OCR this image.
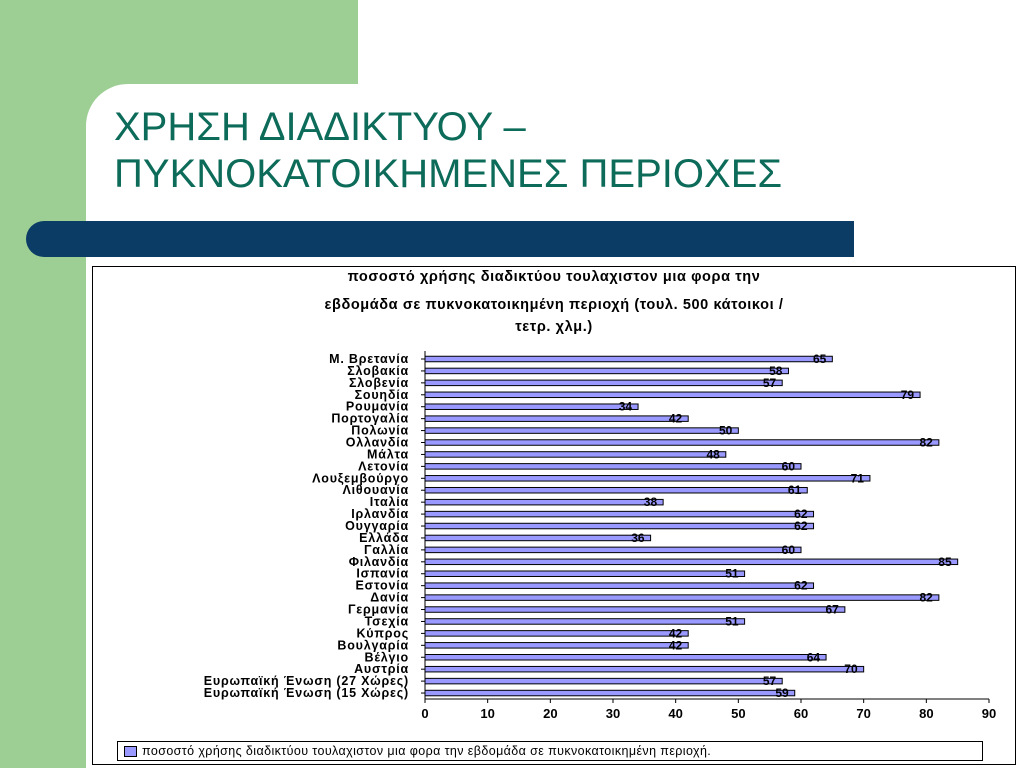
ΧΡΗΣΗ ΔΙΑΔΙΚΤΥΟΥ –
ΠΥΚΝΟΚΑΤΟΙΚΗΜΕΝΕΣ ΠΕΡΙΟΧΕΣ
ποσοστό χρήσης διαδικτύου τουλαχιστον μια φορα την
εβδομάδα σε πυκνοκατοικημένη περιοχή (τουλ. 500 κάτοικοι /
τετρ. χλμ.)
0	10	20	30	40	50	60	70	80	90
Μ. Βρετανία	65
Σλοβακία	58
Σλοβενία	57
Σουηδία	79
Ρουμανία	34
Πορτογαλία	42
Πολωνία	50
Ολλανδία	82
Μάλτα	48
Λετονία	60
Λουξεμβούργο	71
Λιθουανία	61
Ιταλία	38
Ιρλανδία	62
Ουγγαρία	62
Ελλάδα	36
Γαλλία	60
Φιλανδία	85
Ισπανία	51
Εστονία	62
Δανία	82
Γερμανία	67
Τσεχία	51
Κύπρος	42
Βουλγαρία	42
Βέλγιο	64
Αυστρία	70
Ευρωπαϊκή Ένωση (27 Χώρες)	57
Ευρωπαϊκή Ένωση (15 Χώρες)	59
ποσοστό χρήσης διαδικτύου τουλαχιστον μια φορα την εβδομάδα σε πυκνοκατοικημένη περιοχή.
